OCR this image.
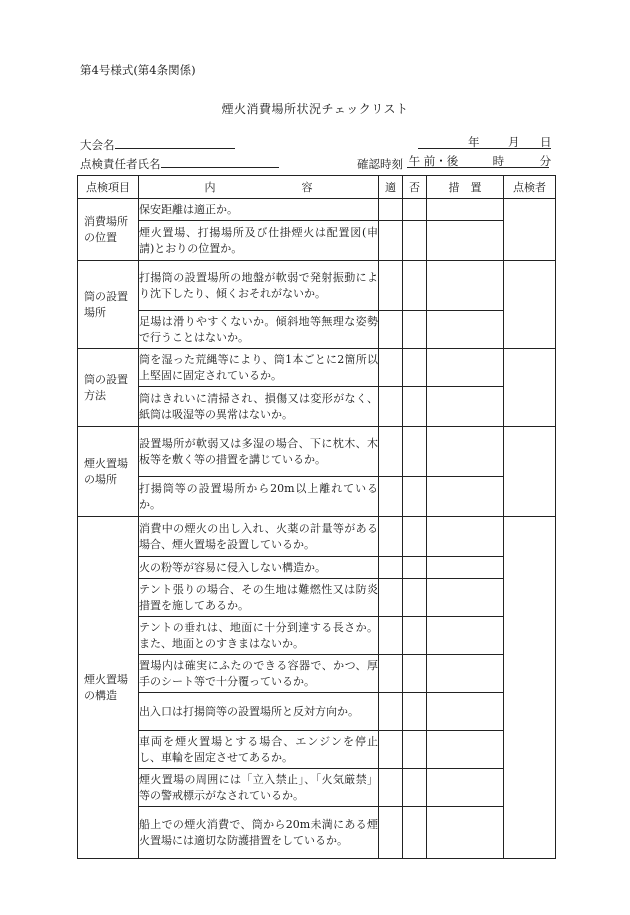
第4号様式(第4条関係)
煙火消費場所状況チェックリスト
大会名	年 月 日
点検責任者氏名	確認時刻 午 前・後	時	分
点検項目	内 容	適	否	措　置	点検者
消費場所の位置	保安距離は適正か。				
	煙火置場、打揚場所及び仕掛煙火は配置図(申請)とおりの位置か。				
筒の設置場所	打揚筒の設置場所の地盤が軟弱で発射振動により沈下したり、傾くおそれがないか。				
	足場は滑りやすくないか。傾斜地等無理な姿勢で行うことはないか。				
筒の設置方法	筒を湿った荒縄等により、筒1本ごとに2箇所以上堅固に固定されているか。				
	筒はきれいに清掃され、損傷又は変形がなく、紙筒は吸湿等の異常はないか。				
煙火置場の場所	設置場所が軟弱又は多湿の場合、下に枕木、木板等を敷く等の措置を講じているか。				
	打揚筒等の設置場所から20m以上離れているか。				
煙火置場の構造	消費中の煙火の出し入れ、火薬の計量等がある場合、煙火置場を設置しているか。				
	火の粉等が容易に侵入しない構造か。				
	テント張りの場合、その生地は難燃性又は防炎措置を施してあるか。				
	テントの垂れは、地面に十分到達する長さか。また、地面とのすきまはないか。				
	置場内は確実にふたのできる容器で、かつ、厚手のシート等で十分覆っているか。				
	出入口は打揚筒等の設置場所と反対方向か。				
	車両を煙火置場とする場合、エンジンを停止し、車輪を固定させてあるか。				
	煙火置場の周囲には「立入禁止」、「火気厳禁」等の警戒標示がなされているか。				
	船上での煙火消費で、筒から20m未満にある煙火置場には適切な防護措置をしているか。				
